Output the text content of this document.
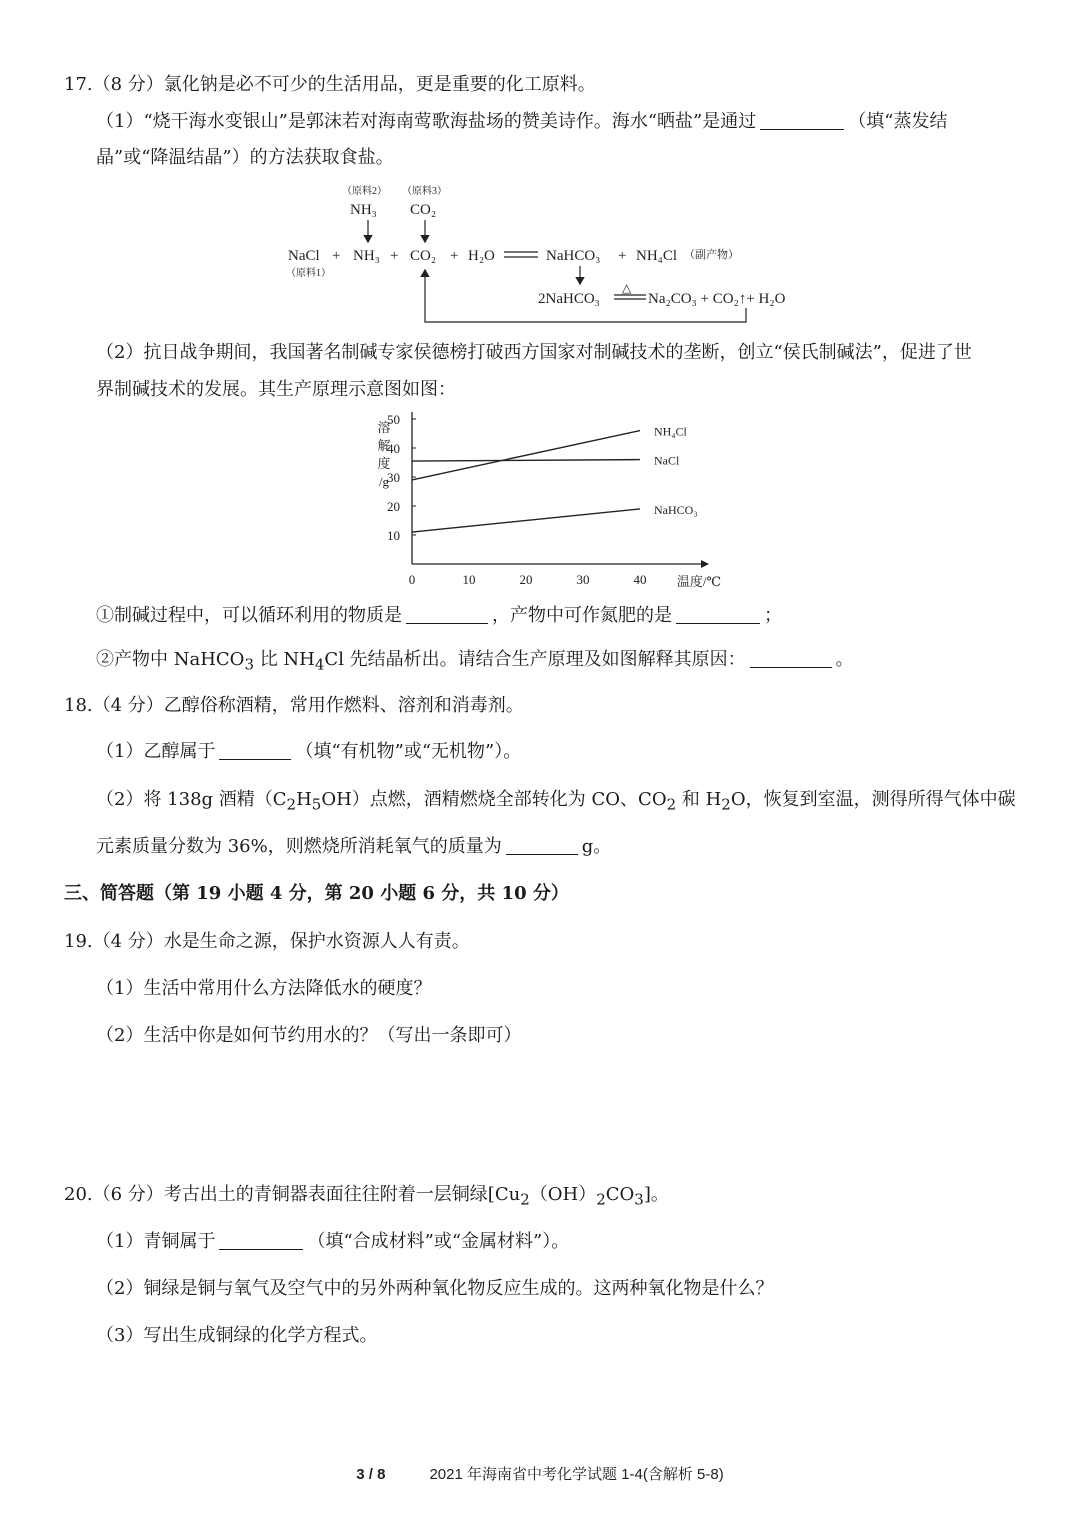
17.（8 分）氯化钠是必不可少的生活用品，更是重要的化工原料。
（1）“烧干海水变银山”是郭沫若对海南莺歌海盐场的赞美诗作。海水“晒盐”是通过	（填“蒸发结
晶”或“降温结晶”）的方法获取食盐。
（原料2） （原料3）
NH₃ CO₂
NaCl + NH₃ + CO₂ + H₂O	NaHCO₃ + NH₄Cl （副产物）
（原料1）
2NaHCO₃
△
Na₂CO₃ + CO₂↑+ H₂O
（2）抗日战争期间，我国著名制碱专家侯德榜打破西方国家对制碱技术的垄断，创立“侯氏制碱法”，促进了世
界制碱技术的发展。其生产原理示意图如图：
10
20
30
40
50
0	10	20	30	40
溶
解
度
/g
温度/℃
NH₄Cl
NaCl
NaHCO₃
①制碱过程中，可以循环利用的物质是	，产物中可作氮肥的是	；
②产物中 NaHCO$_3$ 比 $NH_4Cl$ 先结晶析出。请结合生产原理及如图解释其原因：	。
18.（4 分）乙醇俗称酒精，常用作燃料、溶剂和消毒剂。
（1）乙醇属于	（填“有机物”或“无机物”）。
（2）将 138g 酒精$(C_2H_5OH)$点燃，酒精燃烧全部转化为 CO、$CO_2$ 和 $H_2O$，恢复到室温，测得所得气体中碳
元素质量分数为 36%，则燃烧所消耗氧气的质量为	g。
三、简答题（第 19 小题 4 分，第 20 小题 6 分，共 10 分）
19.（4 分）水是生命之源，保护水资源人人有责。
（1）生活中常用什么方法降低水的硬度？
（2）生活中你是如何节约用水的？（写出一条即可）
20.（6 分）考古出土的青铜器表面往往附着一层铜绿$[Cu_2(OH)_2CO_3]$。
（1）青铜属于	（填“合成材料”或“金属材料”）。
（2）铜绿是铜与氧气及空气中的另外两种氧化物反应生成的。这两种氧化物是什么？
（3）写出生成铜绿的化学方程式。
3 / 8	2021 年海南省中考化学试题 1-4(含解析 5-8)
